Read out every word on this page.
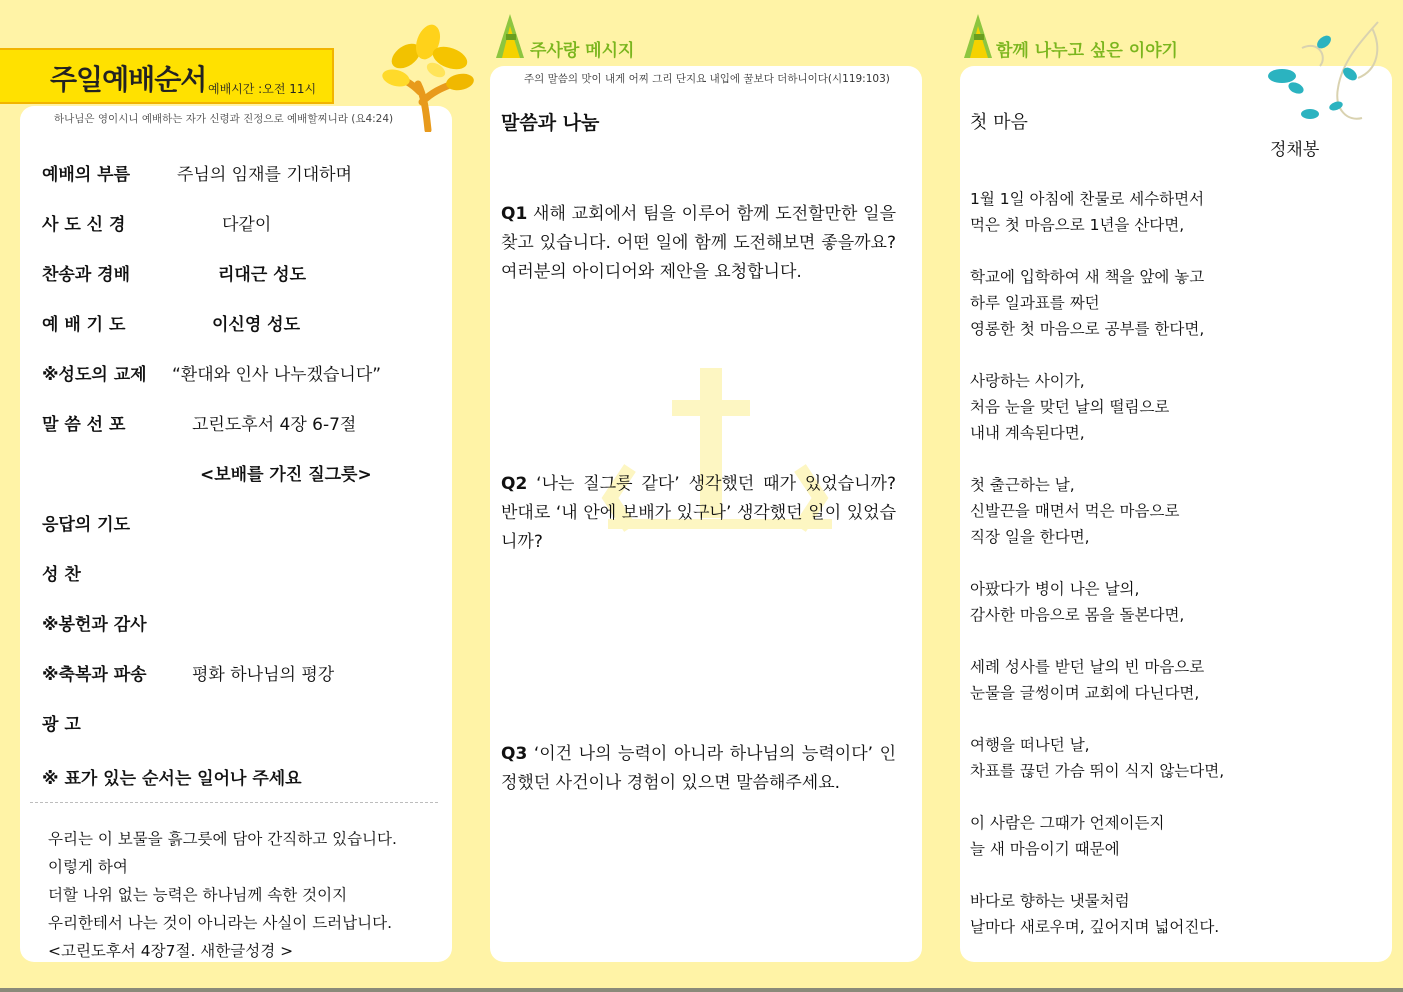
주일예배순서 예배시간 :오전 11시
하나님은 영이시니 예배하는 자가 신령과 진정으로 예배할찌니라 (요4:24)
예배의 부름	주님의 임재를 기대하며
사 도 신 경	다같이
찬송과 경배	리대근 성도
예 배 기 도	이신영 성도
※성도의 교제 “환대와 인사 나누겠습니다”
말 씀 선 포	고린도후서 4장 6-7절
<보배를 가진 질그릇>
응답의 기도
성 찬
※봉헌과 감사
※축복과 파송	평화 하나님의 평강
광 고
※ 표가 있는 순서는 일어나 주세요
우리는 이 보물을 흙그릇에 담아 간직하고 있습니다.
이렇게 하여
더할 나위 없는 능력은 하나님께 속한 것이지
우리한테서 나는 것이 아니라는 사실이 드러납니다.
<고린도후서 4장7절. 새한글성경 >
주사랑 메시지
주의 말씀의 맛이 내게 어찌 그리 단지요 내입에 꿀보다 더하니이다(시119:103)
말씀과 나눔
Q1 새해 교회에서 팀을 이루어 함께 도전할만한 일을 찾고 있습니다. 어떤 일에 함께 도전해보면 좋을까요? 여러분의 아이디어와 제안을 요청합니다.
Q2 ‘나는 질그릇 같다’ 생각했던 때가 있었습니까? 반대로 ‘내 안에 보배가 있구나’ 생각했던 일이 있었습니까?
Q3 ‘이건 나의 능력이 아니라 하나님의 능력이다’ 인정했던 사건이나 경험이 있으면 말씀해주세요.
함께 나누고 싶은 이야기
첫 마음
정채봉
1월 1일 아침에 찬물로 세수하면서
먹은 첫 마음으로 1년을 산다면,
학교에 입학하여 새 책을 앞에 놓고
하루 일과표를 짜던
영롱한 첫 마음으로 공부를 한다면,
사랑하는 사이가,
처음 눈을 맞던 날의 떨림으로
내내 계속된다면,
첫 출근하는 날,
신발끈을 매면서 먹은 마음으로
직장 일을 한다면,
아팠다가 병이 나은 날의,
감사한 마음으로 몸을 돌본다면,
세례 성사를 받던 날의 빈 마음으로
눈물을 글썽이며 교회에 다닌다면,
여행을 떠나던 날,
차표를 끊던 가슴 뛰이 식지 않는다면,
이 사람은 그때가 언제이든지
늘 새 마음이기 때문에
바다로 향하는 냇물처럼
날마다 새로우며, 깊어지며 넓어진다.
